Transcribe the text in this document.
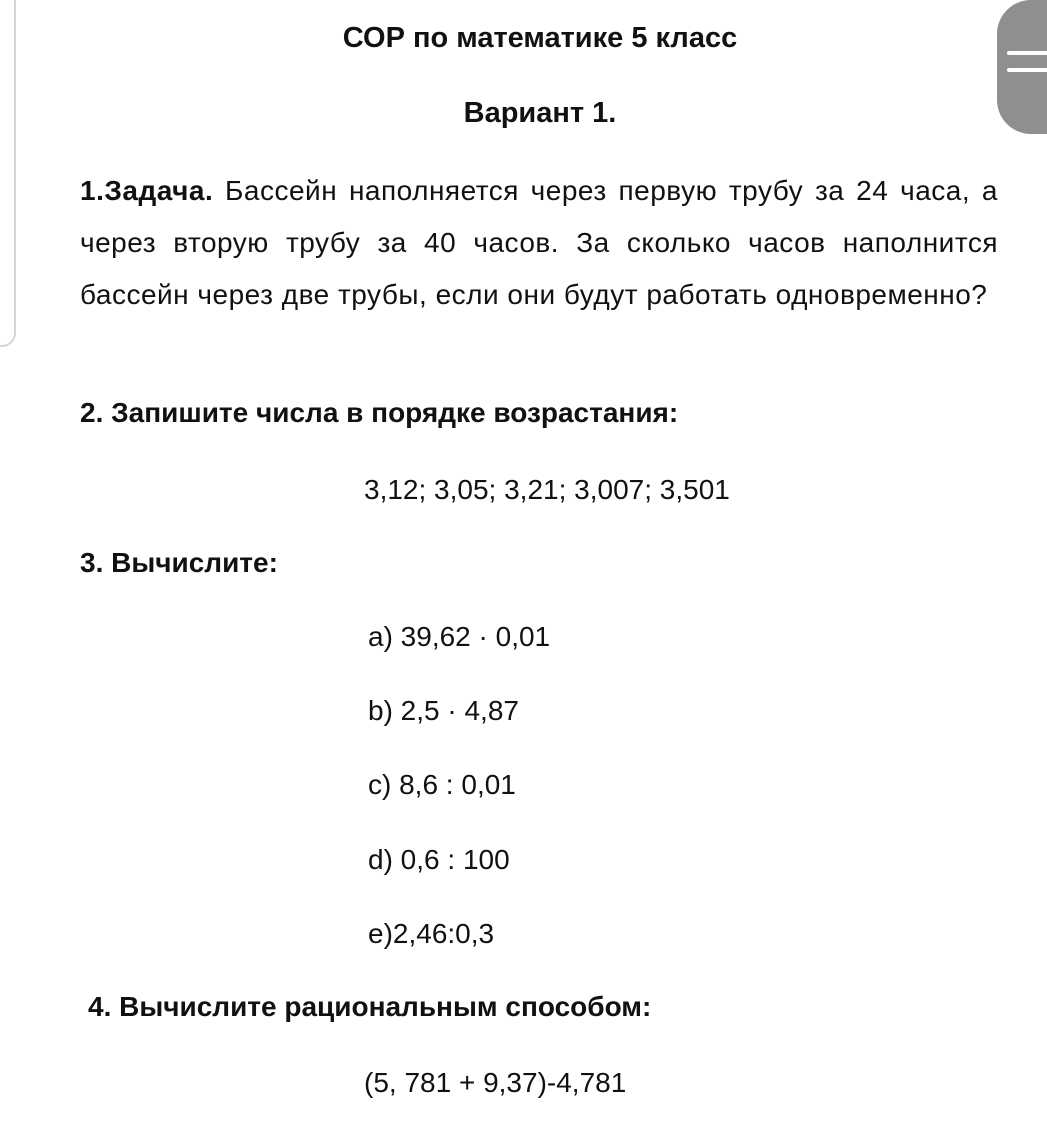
СОР по математике 5 класс
Вариант 1.
1.Задача. Бассейн наполняется через первую трубу за 24 часа, а через вторую трубу за 40 часов. За сколько часов наполнится бассейн через две трубы, если они будут работать одновременно?
2. Запишите числа в порядке возрастания:
3,12; 3,05; 3,21; 3,007; 3,501
3. Вычислите:
a) 39,62 · 0,01
b) 2,5 · 4,87
c) 8,6 : 0,01
d) 0,6 : 100
e)2,46:0,3
4. Вычислите рациональным способом:
(5, 781 + 9,37)-4,781
